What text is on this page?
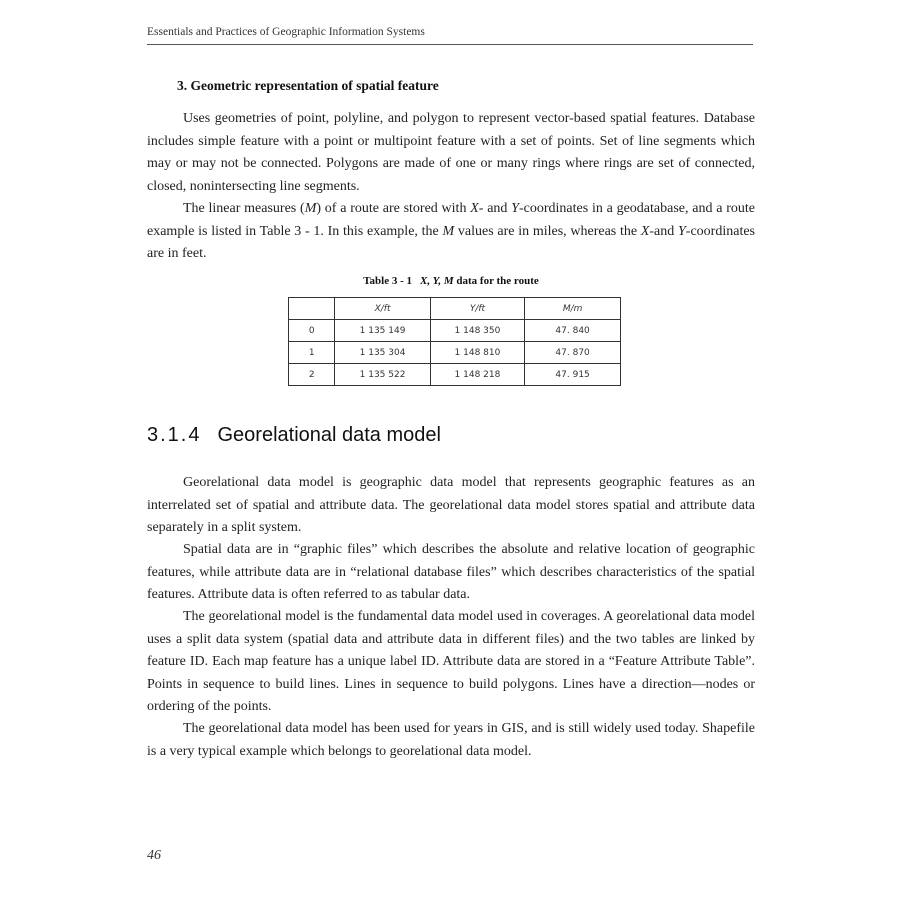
Essentials and Practices of Geographic Information Systems
3. Geometric representation of spatial feature

Uses geometries of point, polyline, and polygon to represent vector-based spatial features. Database includes simple feature with a point or multipoint feature with a set of points. Set of line segments which may or may not be connected. Polygons are made of one or many rings where rings are set of connected, closed, nonintersecting line segments.

The linear measures (M) of a route are stored with X- and Y-coordinates in a geodatabase, and a route example is listed in Table 3 - 1. In this example, the M values are in miles, whereas the X-and Y-coordinates are in feet.

Table 3 - 1 X, Y, M data for the route
	X/ft	Y/ft	M/m
0	1 135 149	1 148 350	47. 840
1	1 135 304	1 148 810	47. 870
2	1 135 522	1 148 218	47. 915
3.1.4 Georelational data model

Georelational data model is geographic data model that represents geographic features as an interrelated set of spatial and attribute data. The georelational data model stores spatial and attribute data separately in a split system.

Spatial data are in “graphic files” which describes the absolute and relative location of geographic features, while attribute data are in “relational database files” which describes characteristics of the spatial features. Attribute data is often referred to as tabular data.

The georelational model is the fundamental data model used in coverages. A georelational data model uses a split data system (spatial data and attribute data in different files) and the two tables are linked by feature ID. Each map feature has a unique label ID. Attribute data are stored in a “Feature Attribute Table”. Points in sequence to build lines. Lines in sequence to build polygons. Lines have a direction—nodes or ordering of the points.

The georelational data model has been used for years in GIS, and is still widely used today. Shapefile is a very typical example which belongs to georelational data model.

46
